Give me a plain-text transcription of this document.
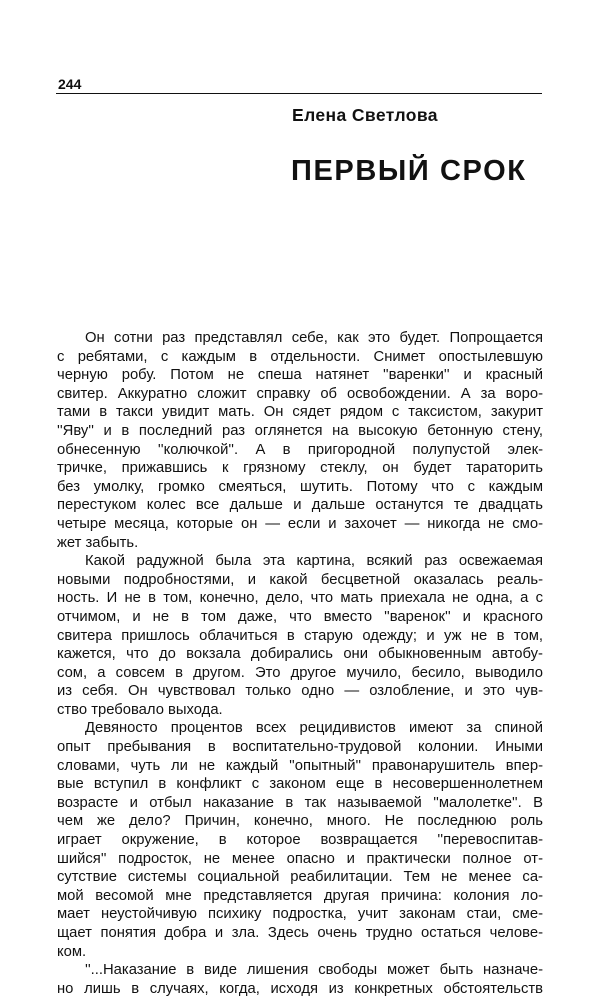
244
Елена Светлова
ПЕРВЫЙ СРОК

Он сотни раз представлял себе, как это будет. Попрощается
с ребятами, с каждым в отдельности. Снимет опостылевшую
черную робу. Потом не спеша натянет ''варенки'' и красный
свитер. Аккуратно сложит справку об освобождении. А за воро-
тами в такси увидит мать. Он сядет рядом с таксистом, закурит
''Яву'' и в последний раз оглянется на высокую бетонную стену,
обнесенную ''колючкой''. А в пригородной полупустой элек-
тричке, прижавшись к грязному стеклу, он будет тараторить
без умолку, громко смеяться, шутить. Потому что с каждым
перестуком колес все дальше и дальше останутся те двадцать
четыре месяца, которые он — если и захочет — никогда не смо-
жет забыть.

Какой радужной была эта картина, всякий раз освежаемая
новыми подробностями, и какой бесцветной оказалась реаль-
ность. И не в том, конечно, дело, что мать приехала не одна, а с
отчимом, и не в том даже, что вместо ''варенок'' и красного
свитера пришлось облачиться в старую одежду; и уж не в том,
кажется, что до вокзала добирались они обыкновенным автобу-
сом, а совсем в другом. Это другое мучило, бесило, выводило
из себя. Он чувствовал только одно — озлобление, и это чув-
ство требовало выхода.

Девяносто процентов всех рецидивистов имеют за спиной
опыт пребывания в воспитательно-трудовой колонии. Иными
словами, чуть ли не каждый ''опытный'' правонарушитель впер-
вые вступил в конфликт с законом еще в несовершеннолетнем
возрасте и отбыл наказание в так называемой ''малолетке''. В
чем же дело? Причин, конечно, много. Не последнюю роль
играет окружение, в которое возвращается ''перевоспитав-
шийся'' подросток, не менее опасно и практически полное от-
сутствие системы социальной реабилитации. Тем не менее са-
мой весомой мне представляется другая причина: колония ло-
мает неустойчивую психику подростка, учит законам стаи, сме-
щает понятия добра и зла. Здесь очень трудно остаться челове-
ком.

''...Наказание в виде лишения свободы может быть назначе-
но лишь в случаях, когда, исходя из конкретных обстоятельств
